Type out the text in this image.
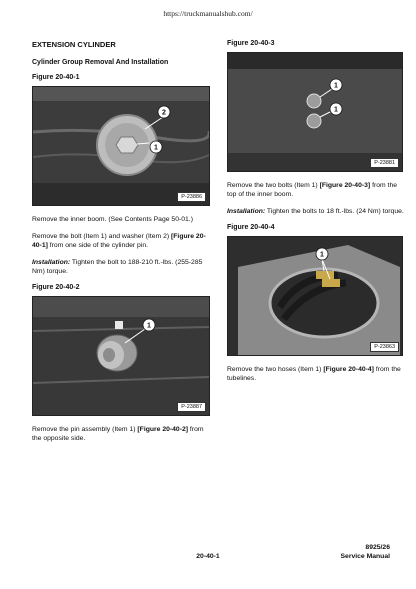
https://truckmanualshub.com/
EXTENSION CYLINDER
Cylinder Group Removal And Installation
Figure 20-40-1
2
1
P-23886

Remove the inner boom. (See Contents Page 50-01.)

Remove the bolt (Item 1) and washer (Item 2) [Figure 20-40-1] from one side of the cylinder pin.

Installation: Tighten the bolt to 188-210 ft.-lbs. (255-285 Nm) torque.

Figure 20-40-2
1
P-23887

Remove the pin assembly (Item 1) [Figure 20-40-2] from the opposite side.

Figure 20-40-3
1
1
P-23881

Remove the two bolts (Item 1) [Figure 20-40-3] from the top of the inner boom.

Installation: Tighten the bolts to 18 ft.-lbs. (24 Nm) torque.

Figure 20-40-4
1
P-23863

Remove the two hoses (Item 1) [Figure 20-40-4] from the tubelines.

8925/26
Service Manual
20-40-1
